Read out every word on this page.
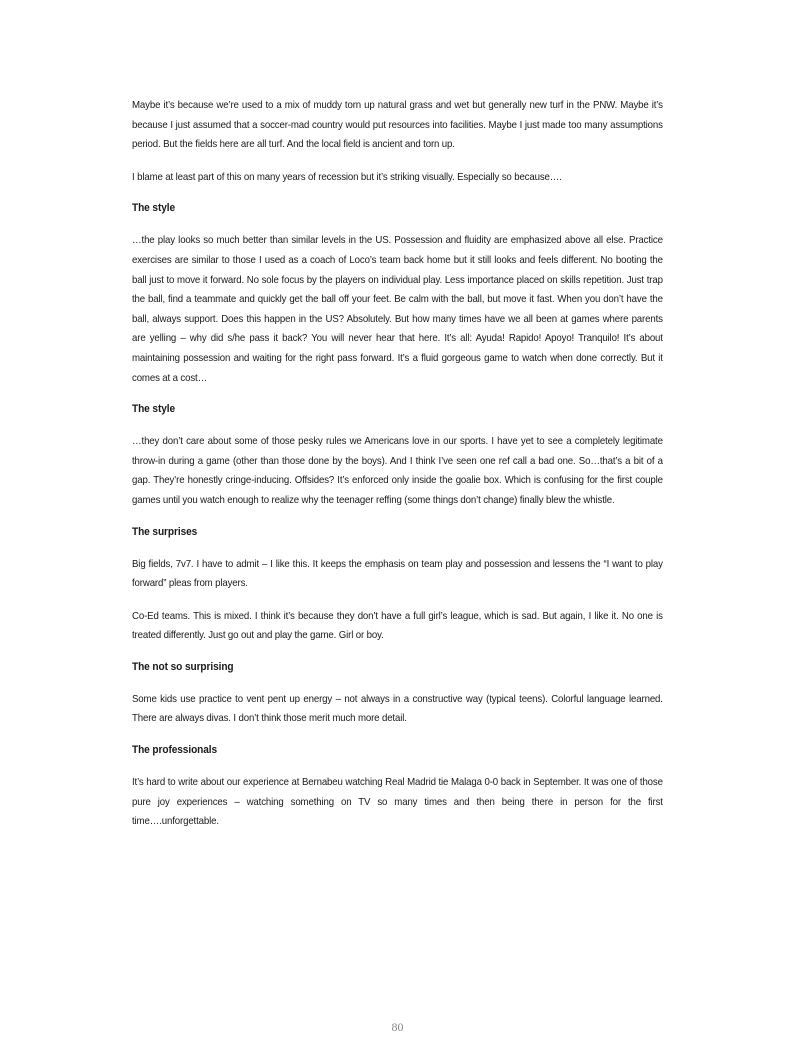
Maybe it’s because we’re used to a mix of muddy torn up natural grass and wet but generally new turf in the PNW. Maybe it’s because I just assumed that a soccer-mad country would put resources into facilities. Maybe I just made too many assumptions period. But the fields here are all turf. And the local field is ancient and torn up.

I blame at least part of this on many years of recession but it’s striking visually. Especially so because….

The style

…the play looks so much better than similar levels in the US. Possession and fluidity are emphasized above all else. Practice exercises are similar to those I used as a coach of Loco’s team back home but it still looks and feels different. No booting the ball just to move it forward. No sole focus by the players on individual play. Less importance placed on skills repetition. Just trap the ball, find a teammate and quickly get the ball off your feet. Be calm with the ball, but move it fast. When you don’t have the ball, always support. Does this happen in the US? Absolutely. But how many times have we all been at games where parents are yelling – why did s/he pass it back? You will never hear that here. It’s all: Ayuda! Rapido! Apoyo! Tranquilo! It’s about maintaining possession and waiting for the right pass forward. It’s a fluid gorgeous game to watch when done correctly. But it comes at a cost…

The style

…they don’t care about some of those pesky rules we Americans love in our sports. I have yet to see a completely legitimate throw-in during a game (other than those done by the boys). And I think I’ve seen one ref call a bad one. So…that’s a bit of a gap. They’re honestly cringe-inducing. Offsides? It’s enforced only inside the goalie box. Which is confusing for the first couple games until you watch enough to realize why the teenager reffing (some things don’t change) finally blew the whistle.

The surprises

Big fields, 7v7. I have to admit – I like this. It keeps the emphasis on team play and possession and lessens the “I want to play forward” pleas from players.

Co-Ed teams. This is mixed. I think it’s because they don’t have a full girl’s league, which is sad. But again, I like it. No one is treated differently. Just go out and play the game. Girl or boy.

The not so surprising

Some kids use practice to vent pent up energy – not always in a constructive way (typical teens). Colorful language learned. There are always divas. I don’t think those merit much more detail.

The professionals

It’s hard to write about our experience at Bernabeu watching Real Madrid tie Malaga 0-0 back in September. It was one of those pure joy experiences – watching something on TV so many times and then being there in person for the first time….unforgettable.

80
